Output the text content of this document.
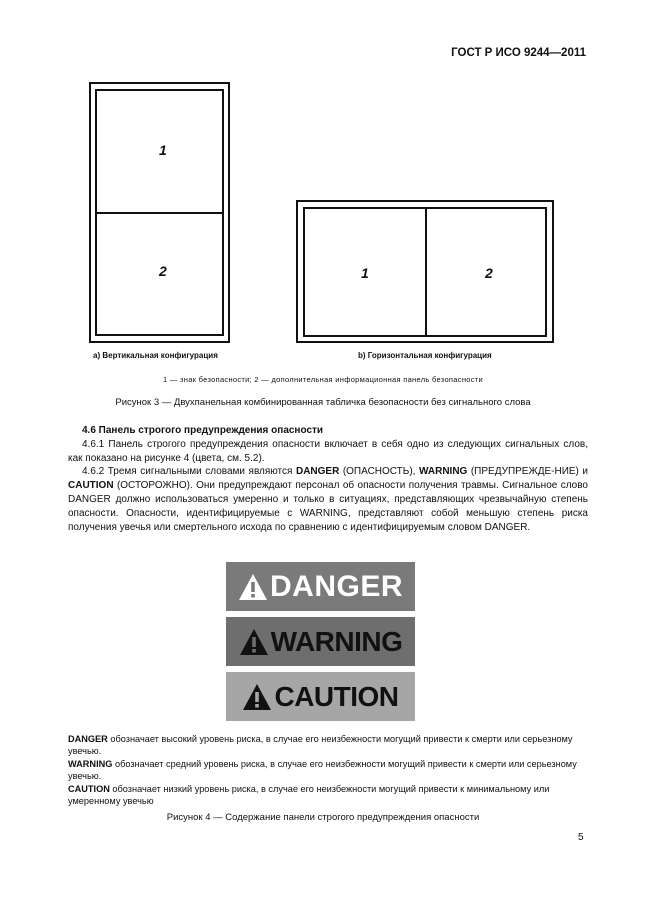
ГОСТ Р ИСО 9244—2011
1
2	1	2
а) Вертикальная конфигурация	b) Горизонтальная конфигурация
1 — знак безопасности; 2 — дополнительная информационная панель безопасности
Рисунок 3 — Двухпанельная комбинированная табличка безопасности без сигнального слова

4.6 Панель строгого предупреждения опасности

4.6.1 Панель строгого предупреждения опасности включает в себя одно из следующих сигнальных слов, как показано на рисунке 4 (цвета, см. 5.2).

4.6.2 Тремя сигнальными словами являются DANGER (ОПАСНОСТЬ), WARNING (ПРЕДУПРЕЖДЕ-НИЕ) и CAUTION (ОСТОРОЖНО). Они предупреждают персонал об опасности получения травмы. Сигнальное слово DANGER должно использоваться умеренно и только в ситуациях, представляющих чрезвычайную степень опасности. Опасности, идентифицируемые с WARNING, представляют собой меньшую степень риска получения увечья или смертельного исхода по сравнению с идентифицируемым словом DANGER.

DANGER
WARNING
CAUTION

DANGER обозначает высокий уровень риска, в случае его неизбежности могущий привести к смерти или серьезному увечью.

WARNING обозначает средний уровень риска, в случае его неизбежности могущий привести к смерти или серьезному увечью.

CAUTION обозначает низкий уровень риска, в случае его неизбежности могущий привести к минимальному или умеренному увечью

Рисунок 4 — Содержание панели строгого предупреждения опасности
5
